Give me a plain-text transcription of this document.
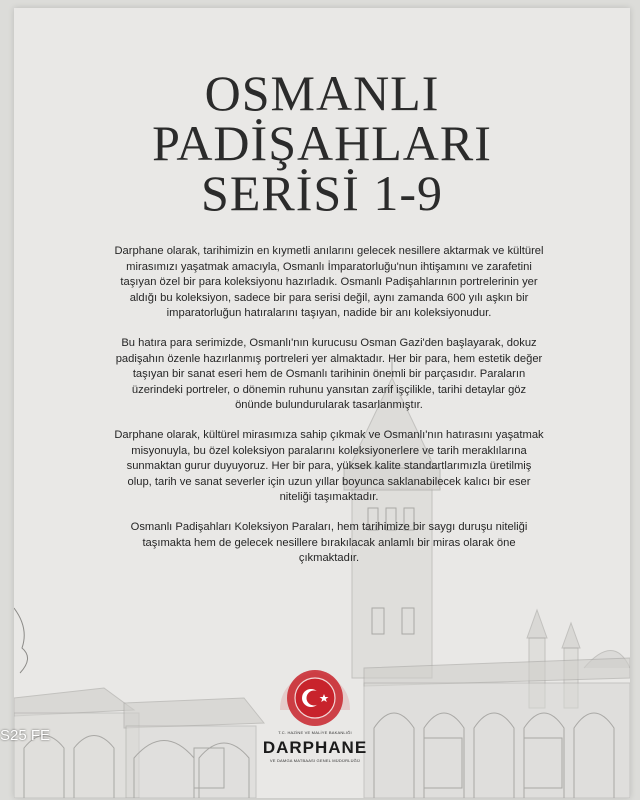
OSMANLI
PADİŞAHLARI
SERİSİ 1-9

Darphane olarak, tarihimizin en kıymetli anılarını gelecek nesillere aktarmak ve kültürel mirasımızı yaşatmak amacıyla, Osmanlı İmparatorluğu'nun ihtişamını ve zarafetini taşıyan özel bir para koleksiyonu hazırladık. Osmanlı Padişahlarının portrelerinin yer aldığı bu koleksiyon, sadece bir para serisi değil, aynı zamanda 600 yılı aşkın bir imparatorluğun hatıralarını taşıyan, nadide bir anı koleksiyonudur.

Bu hatıra para serimizde, Osmanlı'nın kurucusu Osman Gazi'den başlayarak, dokuz padişahın özenle hazırlanmış portreleri yer almaktadır. Her bir para, hem estetik değer taşıyan bir sanat eseri hem de Osmanlı tarihinin önemli bir parçasıdır. Paraların üzerindeki portreler, o dönemin ruhunu yansıtan zarif işçilikle, tarihi detaylar göz önünde bulundurularak tasarlanmıştır.

Darphane olarak, kültürel mirasımıza sahip çıkmak ve Osmanlı'nın hatırasını yaşatmak misyonuyla, bu özel koleksiyon paralarını koleksiyonerlere ve tarih meraklılarına sunmaktan gurur duyuyoruz. Her bir para, yüksek kalite standartlarımızla üretilmiş olup, tarih ve sanat severler için uzun yıllar boyunca saklanabilecek kalıcı bir eser niteliği taşımaktadır.

Osmanlı Padişahları Koleksiyon Paraları, hem tarihimize bir saygı duruşu niteliği taşımakta hem de gelecek nesillere bırakılacak anlamlı bir miras olarak öne çıkmaktadır.

T.C. HAZİNE VE MALİYE BAKANLIĞI
DARPHANE
VE DAMGA MATBAASI GENEL MÜDÜRLÜĞÜ
S25 FE
